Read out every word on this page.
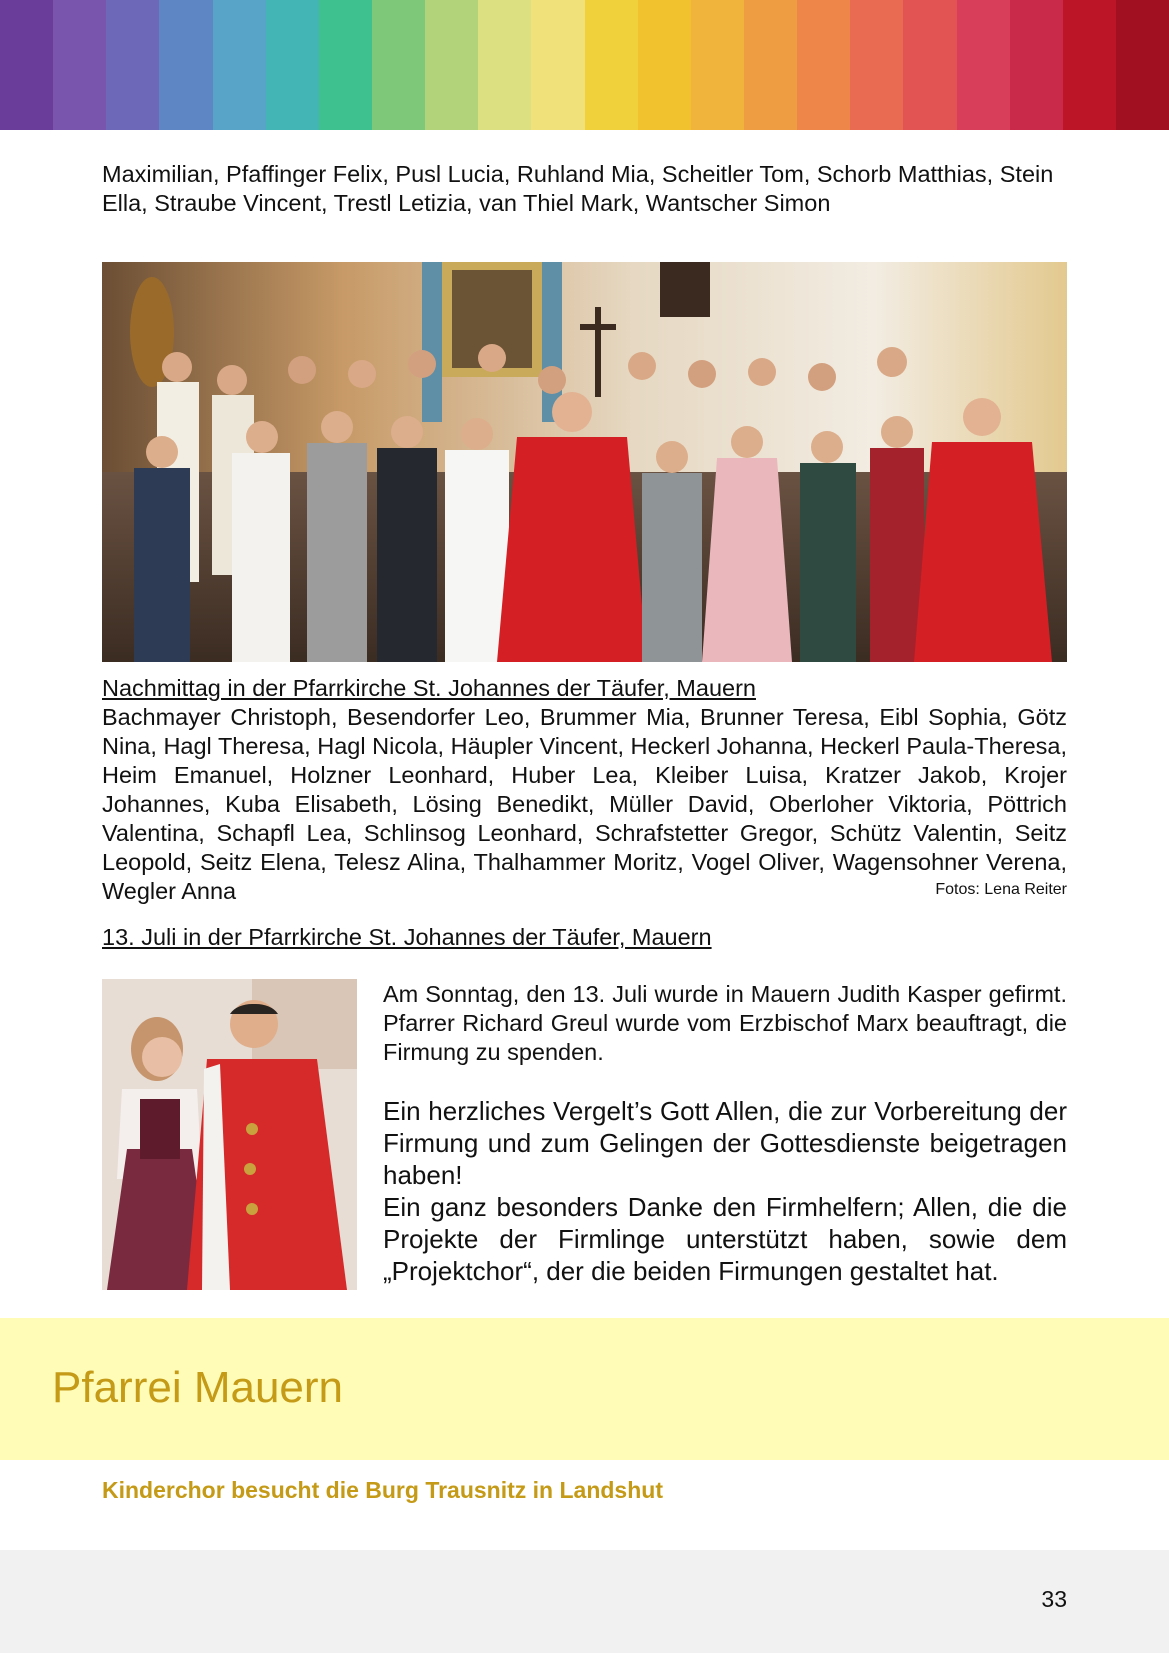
Maximilian, Pfaffinger Felix, Pusl Lucia, Ruhland Mia, Scheitler Tom, Schorb Matthias, Stein Ella, Straube Vincent, Trestl Letizia, van Thiel Mark, Wantscher Simon
Nachmittag in der Pfarrkirche St. Johannes der Täufer, Mauern
Bachmayer Christoph, Besendorfer Leo, Brummer Mia, Brunner Teresa, Eibl Sophia, Götz Nina, Hagl Theresa, Hagl Nicola, Häupler Vincent, Heckerl Johanna, Heckerl Paula-Theresa, Heim Emanuel, Holzner Leonhard, Huber Lea, Kleiber Luisa, Kratzer Jakob, Krojer Johannes, Kuba Elisabeth, Lösing Benedikt, Müller David, Oberloher Viktoria, Pöttrich Valentina, Schapfl Lea, Schlinsog Leonhard, Schrafstetter Gregor, Schütz Valentin, Seitz Leopold, Seitz Elena, Telesz Alina, Thalhammer Moritz, Vogel Oliver, Wagensohner Verena, Wegler Anna	Fotos: Lena Reiter
13. Juli in der Pfarrkirche St. Johannes der Täufer, Mauern
Am Sonntag, den 13. Juli wurde in Mauern Judith Kasper gefirmt. Pfarrer Richard Greul wurde vom Erzbischof Marx beauftragt, die Firmung zu spenden.
Ein herzliches Vergelt’s Gott Allen, die zur Vorbereitung der Firmung und zum Gelingen der Gottesdienste beigetragen haben!
Ein ganz besonders Danke den Firmhelfern; Allen, die die Projekte der Firmlinge unterstützt haben, sowie dem „Projektchor“, der die beiden Firmungen gestaltet hat.
Pfarrei Mauern
Kinderchor besucht die Burg Trausnitz in Landshut
33
